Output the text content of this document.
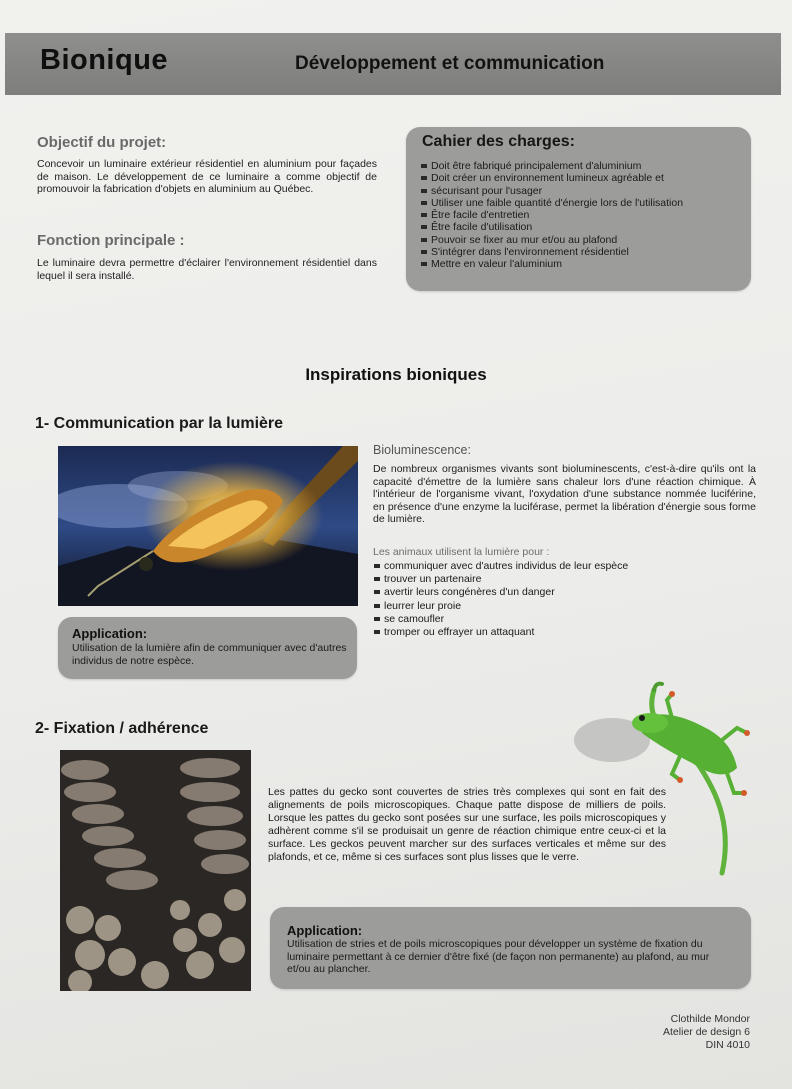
Bionique	Développement et communication
Objectif du projet:
Concevoir un luminaire extérieur résidentiel en aluminium pour façades de maison. Le développement de ce luminaire a comme objectif de promouvoir la fabrication d'objets en aluminium au Québec.
Fonction principale :
Le luminaire devra permettre d'éclairer l'environnement résidentiel dans lequel il sera installé.
Cahier des charges:
Doit être fabriqué principalement d'aluminium
Doit créer un environnement lumineux agréable et
sécurisant pour l'usager
Utiliser une faible quantité d'énergie lors de l'utilisation
Être facile d'entretien
Être facile d'utilisation
Pouvoir se fixer au mur et/ou au plafond
S'intégrer dans l'environnement résidentiel
Mettre en valeur l'aluminium
Inspirations bioniques
1- Communication par la lumière
Bioluminescence:
De nombreux organismes vivants sont bioluminescents, c'est-à-dire qu'ils ont la capacité d'émettre de la lumière sans chaleur lors d'une réaction chimique. À l'intérieur de l'organisme vivant, l'oxydation d'une substance nommée luciférine, en présence d'une enzyme la luciférase, permet la libération d'énergie sous forme de lumière.
Les animaux utilisent la lumière pour :
communiquer avec d'autres individus de leur espèce
trouver un partenaire
avertir leurs congénères d'un danger
leurrer leur proie
se camoufler
tromper ou effrayer un attaquant
Application:
Utilisation de la lumière afin de communiquer avec d'autres individus de notre espèce.
2- Fixation / adhérence
Les pattes du gecko sont couvertes de stries très complexes qui sont en fait des alignements de poils microscopiques. Chaque patte dispose de milliers de poils. Lorsque les pattes du gecko sont posées sur une surface, les poils microscopiques y adhèrent comme s'il se produisait un genre de réaction chimique entre ceux-ci et la surface. Les geckos peuvent marcher sur des surfaces verticales et même sur des plafonds, et ce, même si ces surfaces sont plus lisses que le verre.
Application:
Utilisation de stries et de poils microscopiques pour développer un système de fixation du luminaire permettant à ce dernier d'être fixé (de façon non permanente) au plafond, au mur et/ou au plancher.
Clothilde Mondor
Atelier de design 6
DIN 4010
